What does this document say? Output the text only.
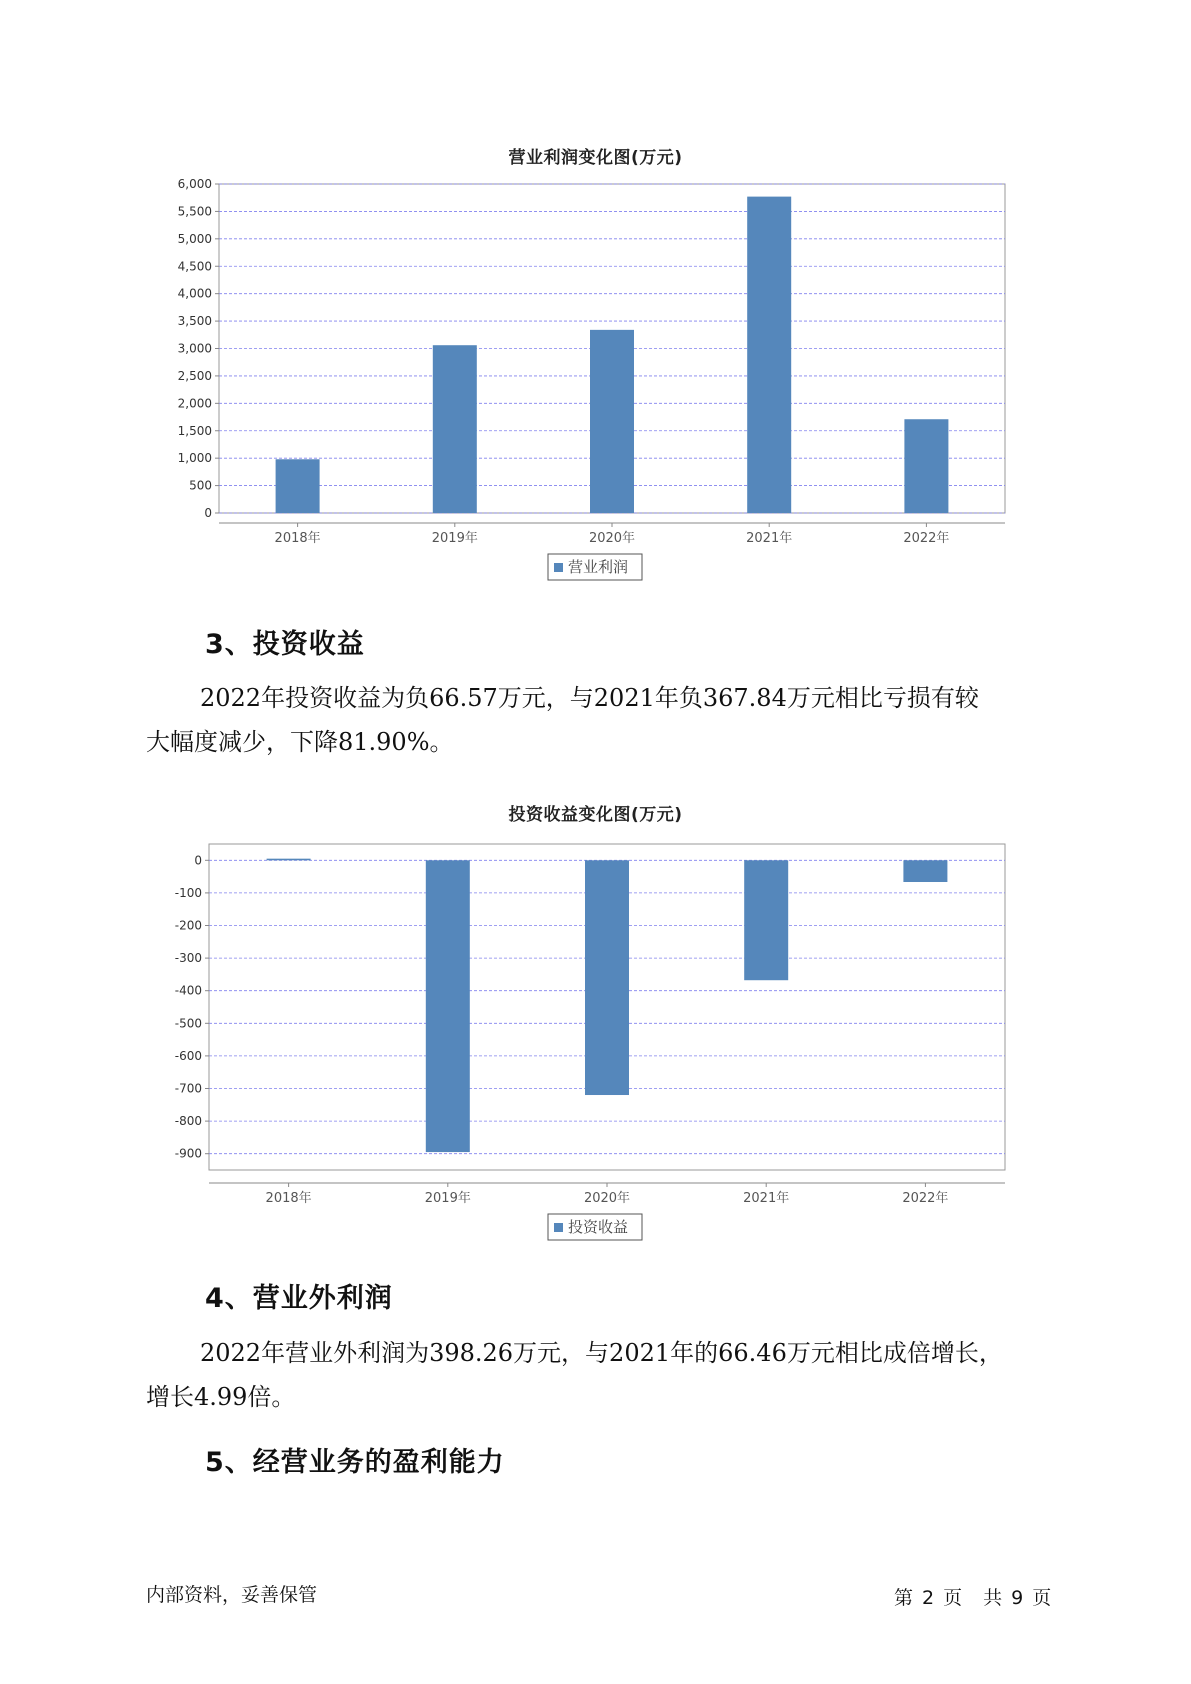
营业利润变化图(万元)
0
500
1,000
1,500
2,000
2,500
3,000
3,500
4,000
4,500
5,000
5,500
6,000
2018年	2019年	2020年	2021年	2022年
营业利润
3、投资收益
2022年投资收益为负66.57万元，与2021年负367.84万元相比亏损有较
大幅度减少，下降81.90%。
投资收益变化图(万元)
0
-100
-200
-300
-400
-500
-600
-700
-800
-900
2018年	2019年	2020年	2021年	2022年
投资收益
4、营业外利润
2022年营业外利润为398.26万元，与2021年的66.46万元相比成倍增长，
增长4.99倍。
5、经营业务的盈利能力
内部资料，妥善保管	第 2 页　共 9 页
